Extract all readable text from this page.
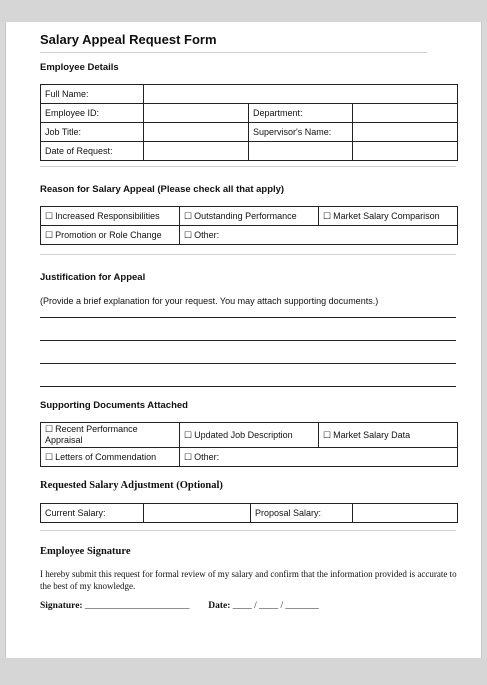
Salary Appeal Request Form
Employee Details
Full Name:			
Employee ID:		Department:	
Job Title:		Supervisor's Name:	
Date of Request:			
Reason for Salary Appeal (Please check all that apply)
☐ Increased Responsibilities	☐ Outstanding Performance	☐ Market Salary Comparison
☐ Promotion or Role Change	☐ Other:	
Justification for Appeal
(Provide a brief explanation for your request. You may attach supporting documents.)
Supporting Documents Attached
☐ Recent Performance Appraisal	☐ Updated Job Description	☐ Market Salary Data
☐ Letters of Commendation	☐ Other:	
Requested Salary Adjustment (Optional)
Current Salary:		Proposal Salary:	
Employee Signature
I hereby submit this request for formal review of my salary and confirm that the information provided is accurate to the best of my knowledge.
Signature: ______________________ Date: ____ / ____ / _______
